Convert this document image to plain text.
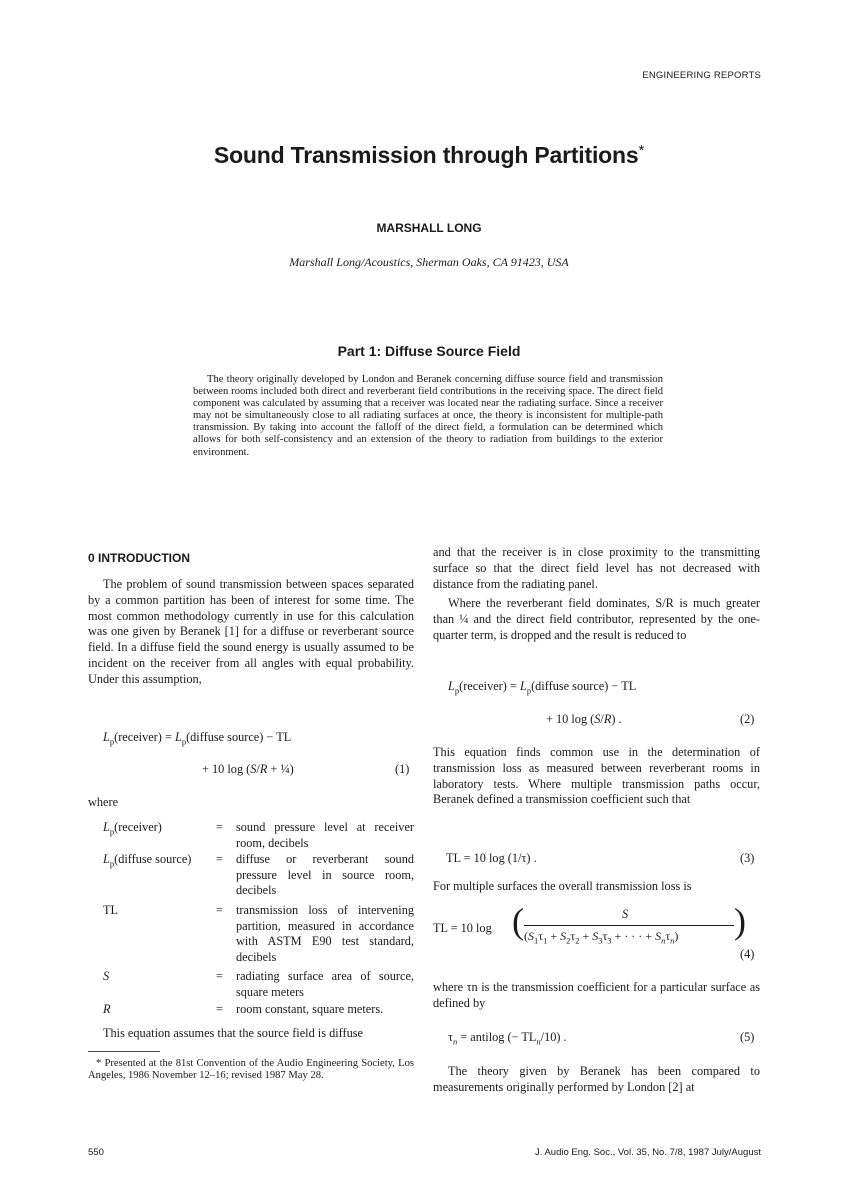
ENGINEERING REPORTS
Sound Transmission through Partitions*
MARSHALL LONG
Marshall Long/Acoustics, Sherman Oaks, CA 91423, USA
Part 1: Diffuse Source Field

The theory originally developed by London and Beranek concerning diffuse source field and transmission between rooms included both direct and reverberant field contributions in the receiving space. The direct field component was calculated by assuming that a receiver was located near the radiating surface. Since a receiver may not be simultaneously close to all radiating surfaces at once, the theory is inconsistent for multiple-path transmission. By taking into account the falloff of the direct field, a formulation can be determined which allows for both self-consistency and an extension of the theory to radiation from buildings to the exterior environment.

0 INTRODUCTION

The problem of sound transmission between spaces separated by a common partition has been of interest for some time. The most common methodology currently in use for this calculation was one given by Beranek [1] for a diffuse or reverberant source field. In a diffuse field the sound energy is usually assumed to be incident on the receiver from all angles with equal probability. Under this assumption,

$L_p(receiver)$ = $L_p(diffuse$ source) − TL
+ 10 log (S/R + ¼)	(1)
where
$L_p(receiver)$	= sound pressure level at receiver room, decibels
$L_p(diffuse$ source) = diffuse or reverberant sound pressure level in source room, decibels
TL	= transmission loss of intervening partition, measured in accordance with ASTM E90 test standard, decibels
S	= radiating surface area of source, square meters
R	= room constant, square meters.

This equation assumes that the source field is diffuse

* Presented at the 81st Convention of the Audio Engineering Society, Los Angeles, 1986 November 12–16; revised 1987 May 28.

and that the receiver is in close proximity to the transmitting surface so that the direct field level has not decreased with distance from the radiating panel.

Where the reverberant field dominates, S/R is much greater than ¼ and the direct field contributor, represented by the one-quarter term, is dropped and the result is reduced to

$L_p(receiver)$ = $L_p(diffuse$ source) − TL
+ 10 log (S/R) .	(2)

This equation finds common use in the determination of transmission loss as measured between reverberant rooms in laboratory tests. Where multiple transmission paths occur, Beranek defined a transmission coefficient such that

TL = 10 log (1/τ) .	(3)

For multiple surfaces the overall transmission loss is

TL = 10 log (	S
($S_1\tau_1 + S_2\tau_2 + S_3\tau_3$ + · · · + $S_n\tau_n$) )
(4)

where τn is the transmission coefficient for a particular surface as defined by

$\tau_n$ = antilog (− $TL_n/10$) .	(5)

The theory given by Beranek has been compared to measurements originally performed by London [2] at

550	J. Audio Eng. Soc., Vol. 35, No. 7/8, 1987 July/August
